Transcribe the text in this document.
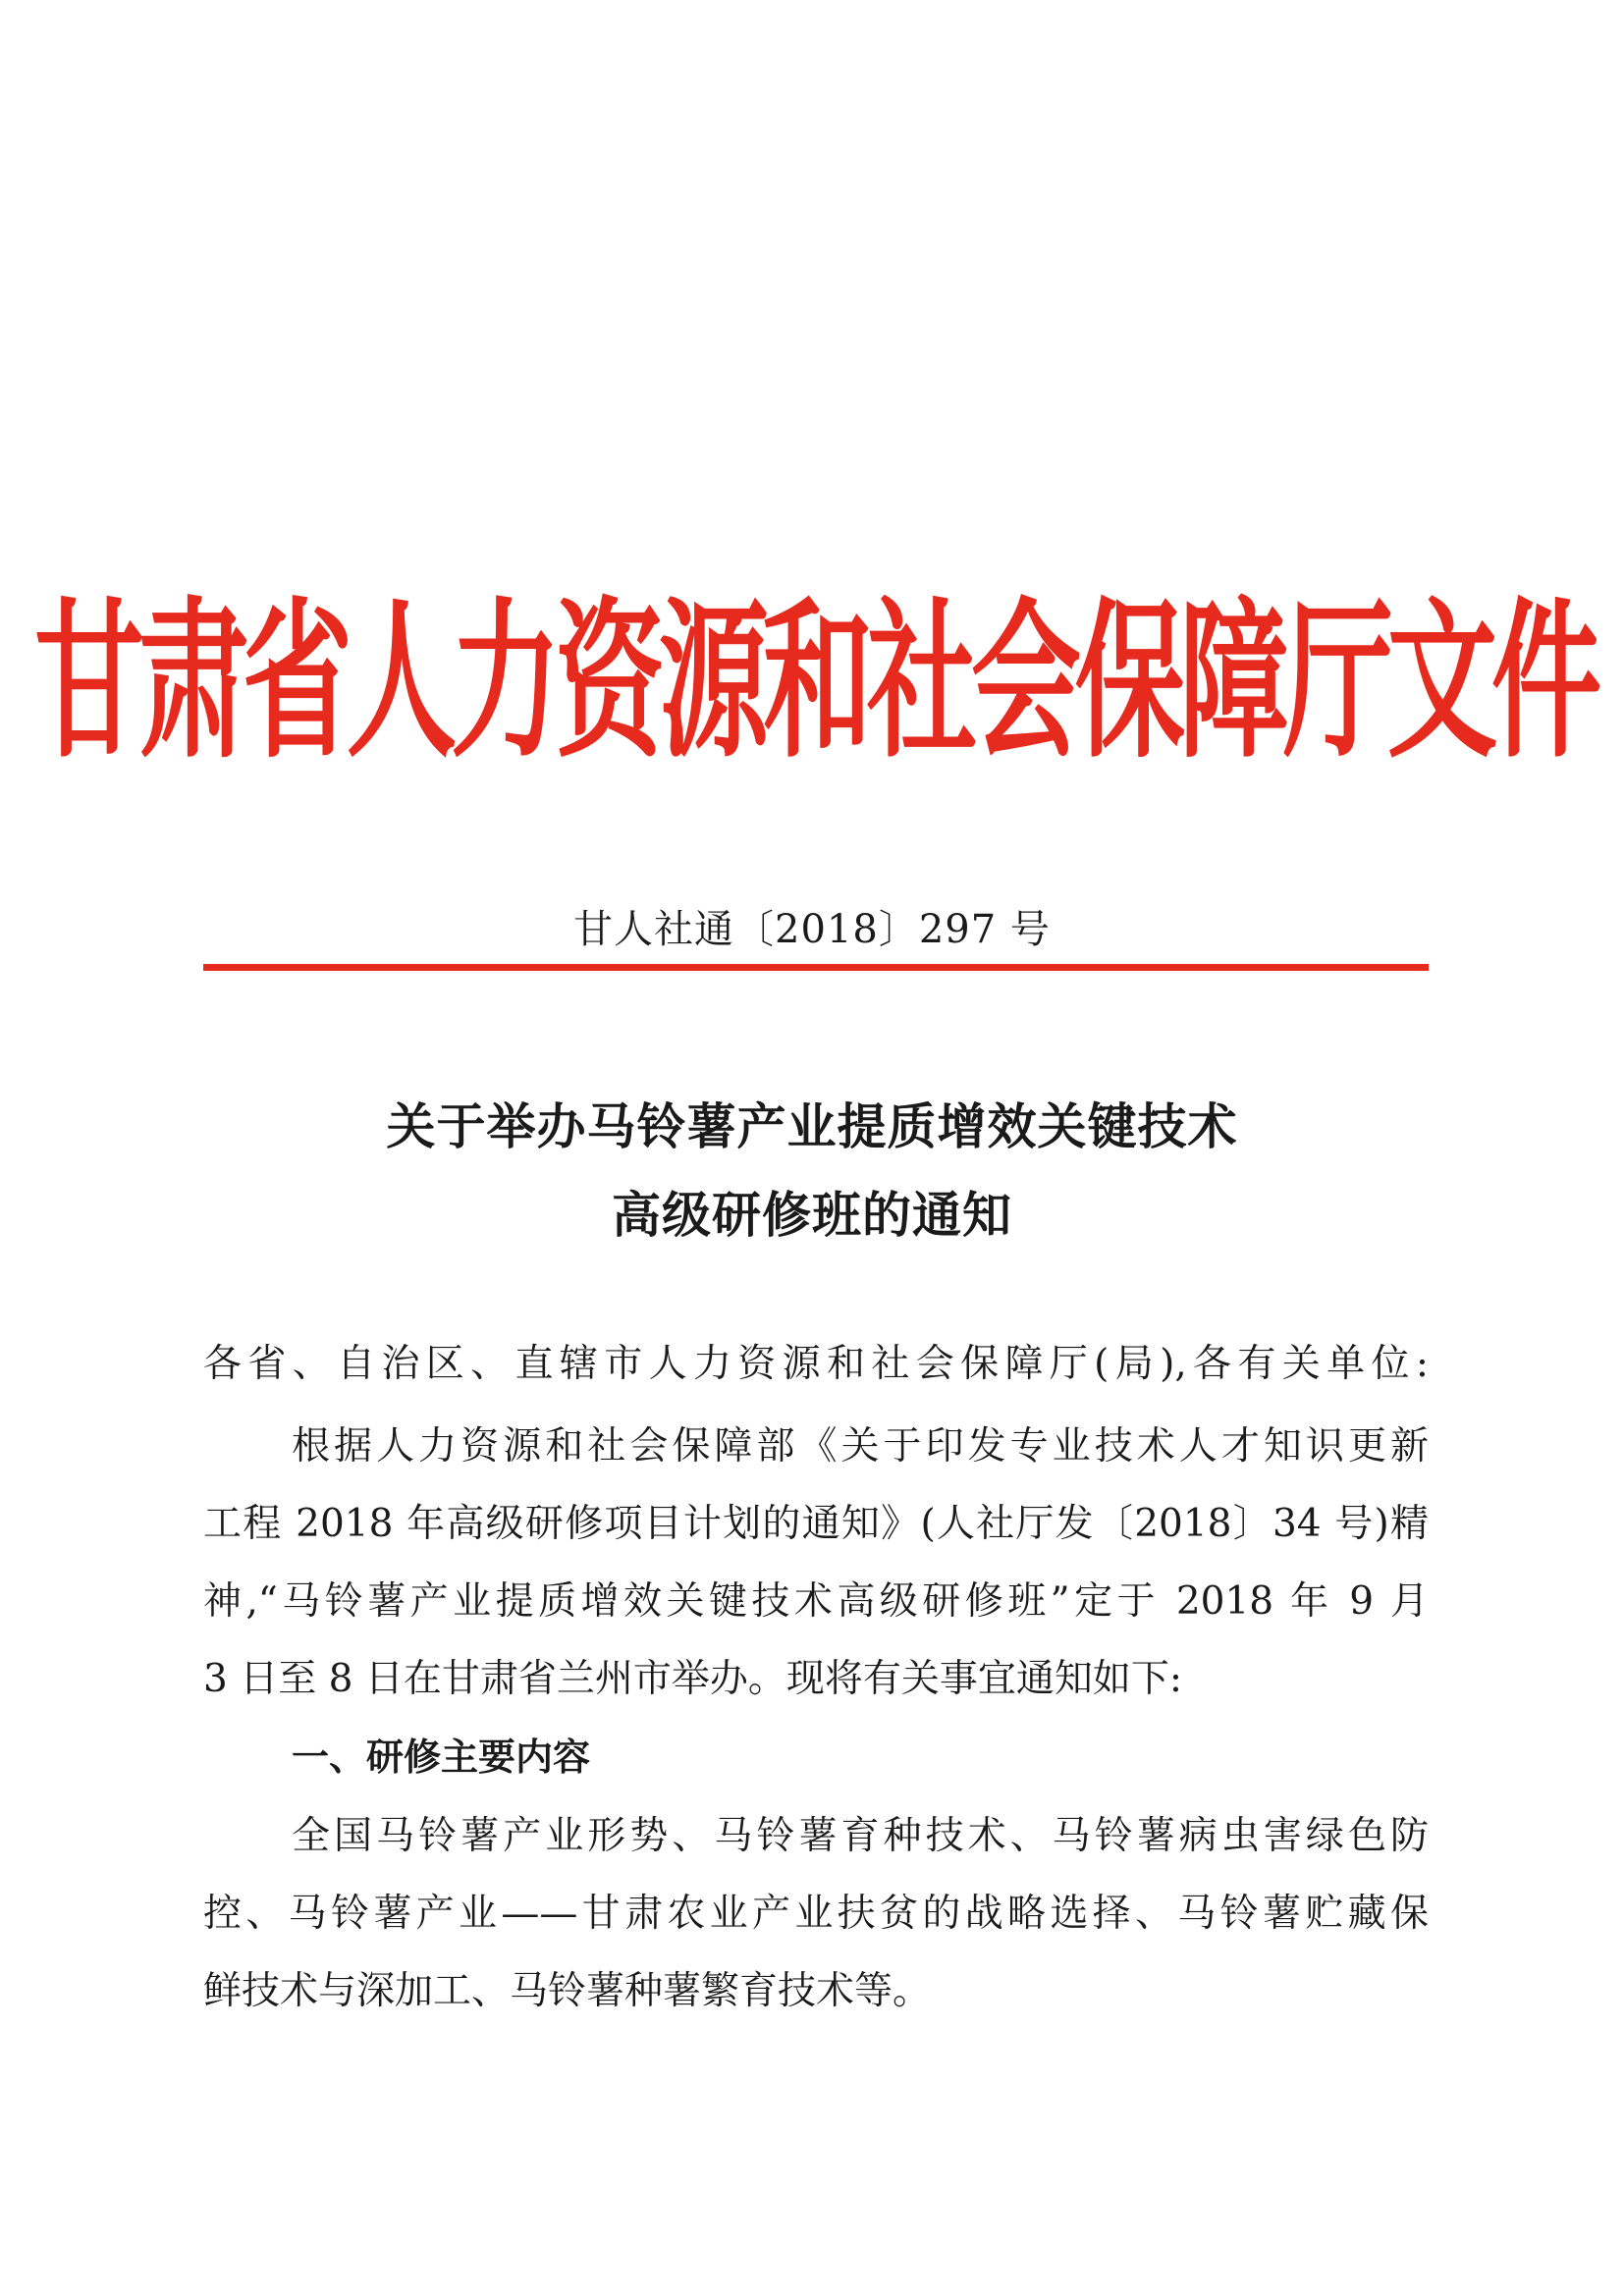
甘肃省人力资源和社会保障厅文件
甘人社通〔2018〕297 号
关于举办马铃薯产业提质增效关键技术
高级研修班的通知
各省、自治区、直辖市人力资源和社会保障厅(局),各有关单位:
根据人力资源和社会保障部《关于印发专业技术人才知识更新
工程 2018 年高级研修项目计划的通知》(人社厅发〔2018〕34 号)精
神,“马铃薯产业提质增效关键技术高级研修班”定于 2018 年 9 月
3 日至 8 日在甘肃省兰州市举办。现将有关事宜通知如下:
一、研修主要内容
全国马铃薯产业形势、马铃薯育种技术、马铃薯病虫害绿色防
控、马铃薯产业——甘肃农业产业扶贫的战略选择、马铃薯贮藏保
鲜技术与深加工、马铃薯种薯繁育技术等。
